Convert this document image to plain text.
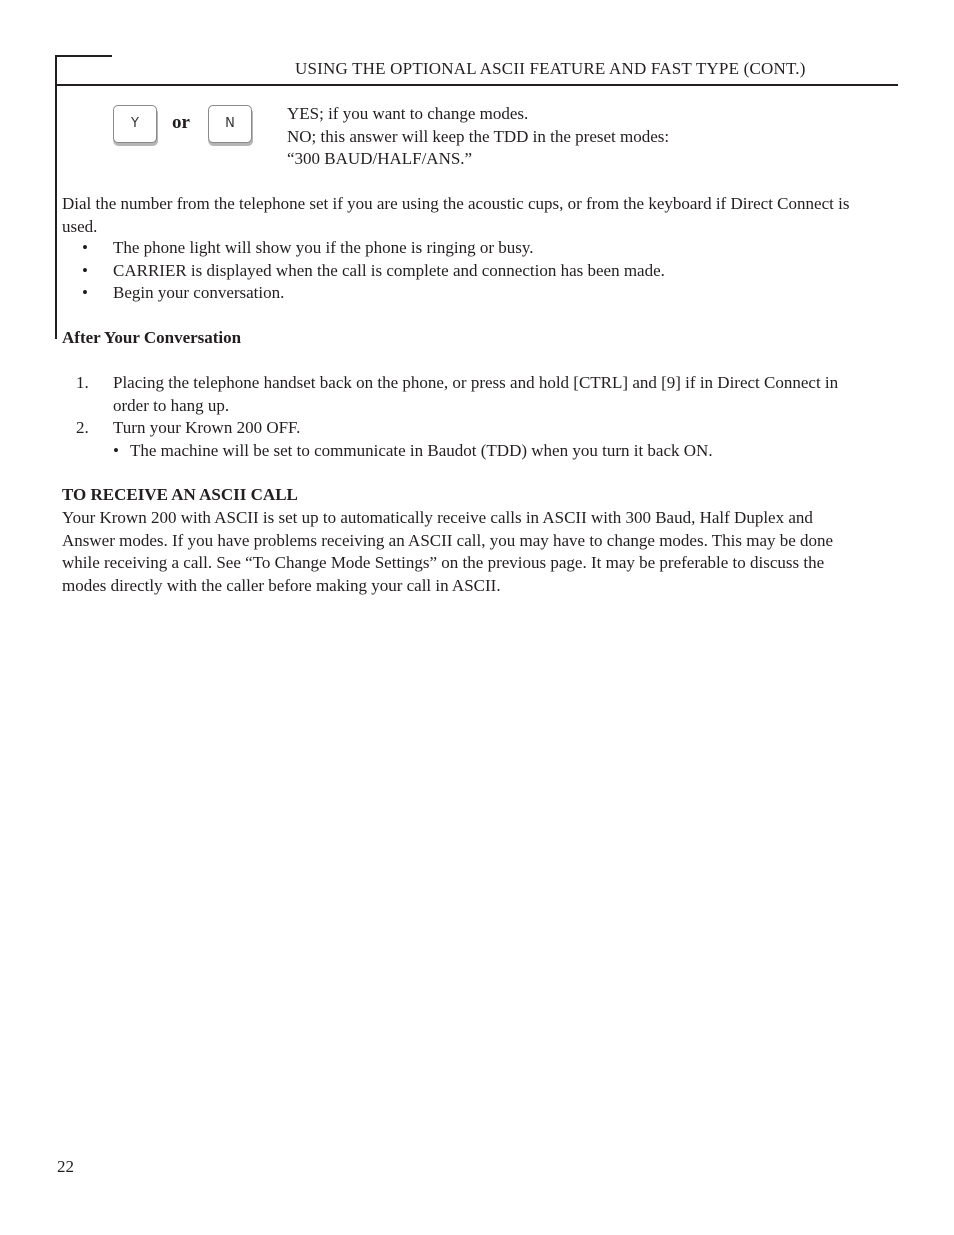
USING THE OPTIONAL ASCII FEATURE AND FAST TYPE (CONT.)
Y	or	N
YES; if you want to change modes.
NO; this answer will keep the TDD in the preset modes:
“300 BAUD/HALF/ANS.”
Dial the number from the telephone set if you are using the acoustic cups, or from the keyboard if Direct Connect is used.
• The phone light will show you if the phone is ringing or busy.
• CARRIER is displayed when the call is complete and connection has been made.
• Begin your conversation.
After Your Conversation
1. Placing the telephone handset back on the phone, or press and hold [CTRL] and [9] if in Direct Connect in order to hang up.
2. Turn your Krown 200 OFF.
• The machine will be set to communicate in Baudot (TDD) when you turn it back ON.
TO RECEIVE AN ASCII CALL
Your Krown 200 with ASCII is set up to automatically receive calls in ASCII with 300 Baud, Half Duplex and Answer modes. If you have problems receiving an ASCII call, you may have to change modes. This may be done while receiving a call. See “To Change Mode Settings” on the previous page. It may be preferable to discuss the modes directly with the caller before making your call in ASCII.
22
